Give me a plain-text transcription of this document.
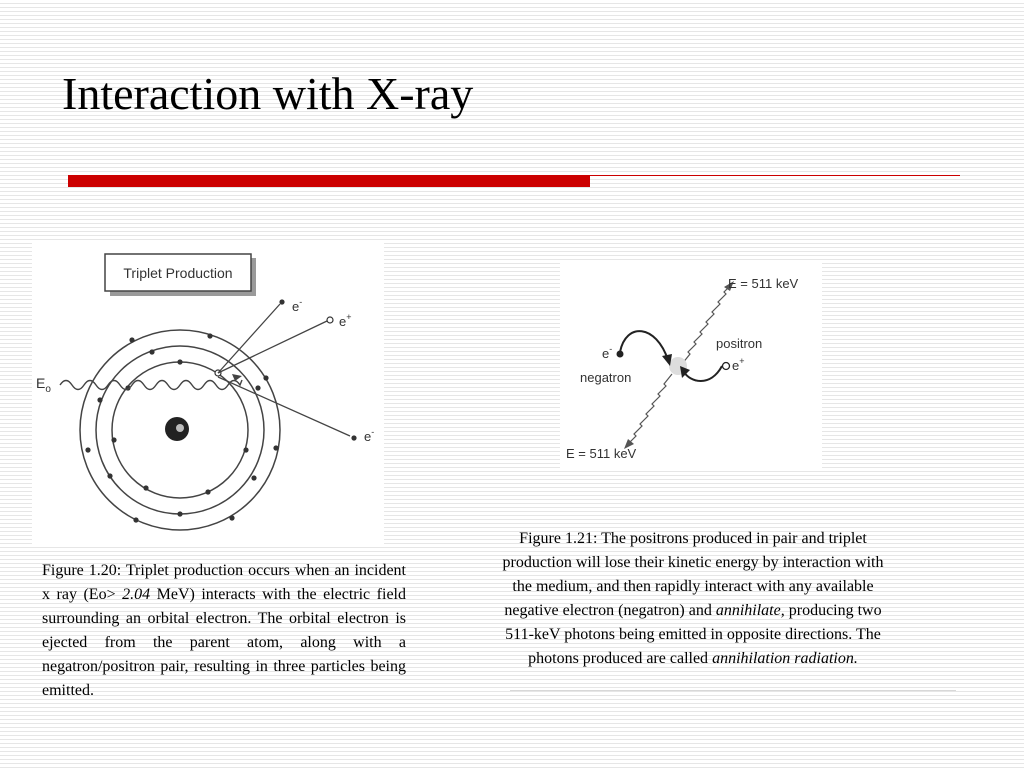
Interaction with X-ray
Triplet Production
$E_o$
e-
e+
e-
E = 511 keV
E = 511 keV
positron
e+
e-
negatron
Figure 1.20: Triplet production occurs when an incident x ray (Eo> 2.04 MeV) interacts with the electric field surrounding an orbital electron. The orbital electron is ejected from the parent atom, along with a negatron/positron pair, resulting in three particles being emitted.
Figure 1.21: The positrons produced in pair and triplet production will lose their kinetic energy by interaction with the medium, and then rapidly interact with any available negative electron (negatron) and annihilate, producing two 511-keV photons being emitted in opposite directions. The photons produced are called annihilation radiation.
